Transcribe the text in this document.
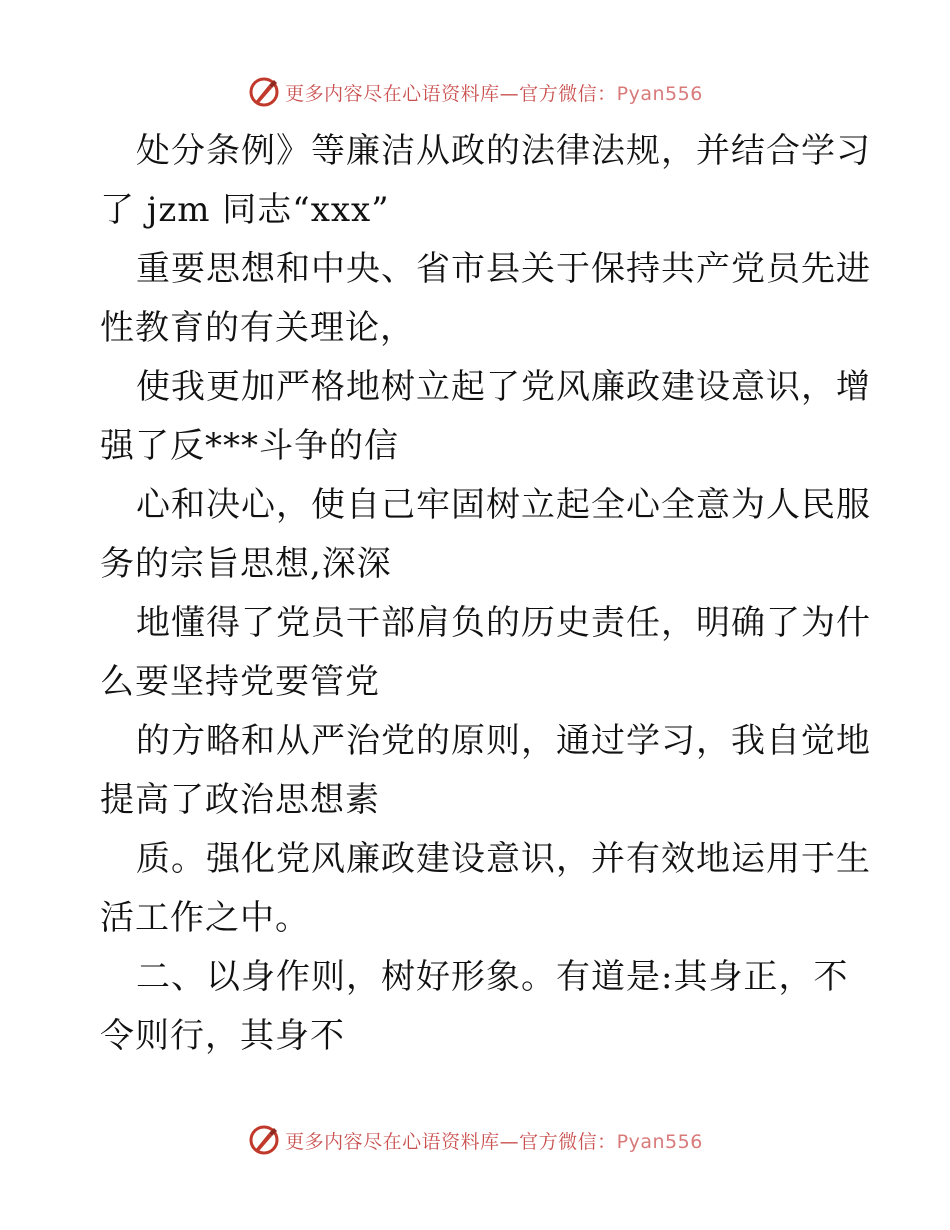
更多内容尽在心语资料库—官方微信：Pyan556
处分条例》等廉洁从政的法律法规，并结合学习
了 jzm 同志“xxx”
重要思想和中央、省市县关于保持共产党员先进
性教育的有关理论，
使我更加严格地树立起了党风廉政建设意识，增
强了反***斗争的信
心和决心，使自己牢固树立起全心全意为人民服
务的宗旨思想,深深
地懂得了党员干部肩负的历史责任，明确了为什
么要坚持党要管党
的方略和从严治党的原则，通过学习，我自觉地
提高了政治思想素
质。强化党风廉政建设意识，并有效地运用于生
活工作之中。
二、以身作则，树好形象。有道是:其身正，不
令则行，其身不
更多内容尽在心语资料库—官方微信：Pyan556
